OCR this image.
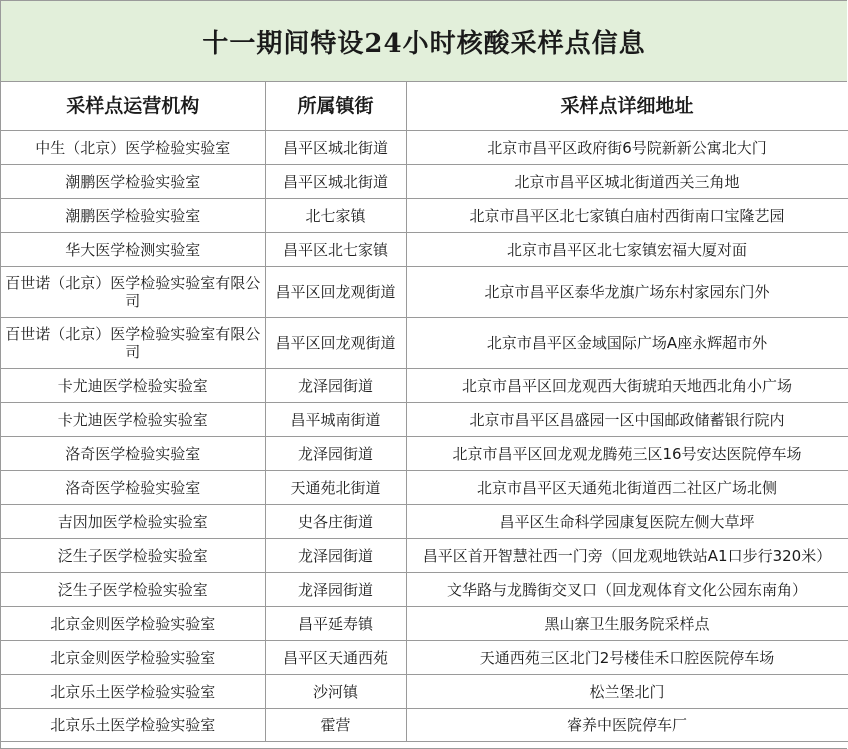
十一期间特设24小时核酸采样点信息
采样点运营机构	所属镇街	采样点详细地址
中生（北京）医学检验实验室	昌平区城北街道	北京市昌平区政府街6号院新新公寓北大门
潮鹏医学检验实验室	昌平区城北街道	北京市昌平区城北街道西关三角地
潮鹏医学检验实验室	北七家镇	北京市昌平区北七家镇白庙村西街南口宝隆艺园
华大医学检测实验室	昌平区北七家镇	北京市昌平区北七家镇宏福大厦对面
百世诺（北京）医学检验实验室有限公司	昌平区回龙观街道	北京市昌平区泰华龙旗广场东村家园东门外
百世诺（北京）医学检验实验室有限公司	昌平区回龙观街道	北京市昌平区金域国际广场A座永辉超市外
卡尤迪医学检验实验室	龙泽园街道	北京市昌平区回龙观西大街琥珀天地西北角小广场
卡尤迪医学检验实验室	昌平城南街道	北京市昌平区昌盛园一区中国邮政储蓄银行院内
洛奇医学检验实验室	龙泽园街道	北京市昌平区回龙观龙腾苑三区16号安达医院停车场
洛奇医学检验实验室	天通苑北街道	北京市昌平区天通苑北街道西二社区广场北侧
吉因加医学检验实验室	史各庄街道	昌平区生命科学园康复医院左侧大草坪
泛生子医学检验实验室	龙泽园街道	昌平区首开智慧社西一门旁（回龙观地铁站A1口步行320米）
泛生子医学检验实验室	龙泽园街道	文华路与龙腾街交叉口（回龙观体育文化公园东南角）
北京金则医学检验实验室	昌平延寿镇	黑山寨卫生服务院采样点
北京金则医学检验实验室	昌平区天通西苑	天通西苑三区北门2号楼佳禾口腔医院停车场
北京乐土医学检验实验室	沙河镇	松兰堡北门
北京乐土医学检验实验室	霍营	睿养中医院停车厂
